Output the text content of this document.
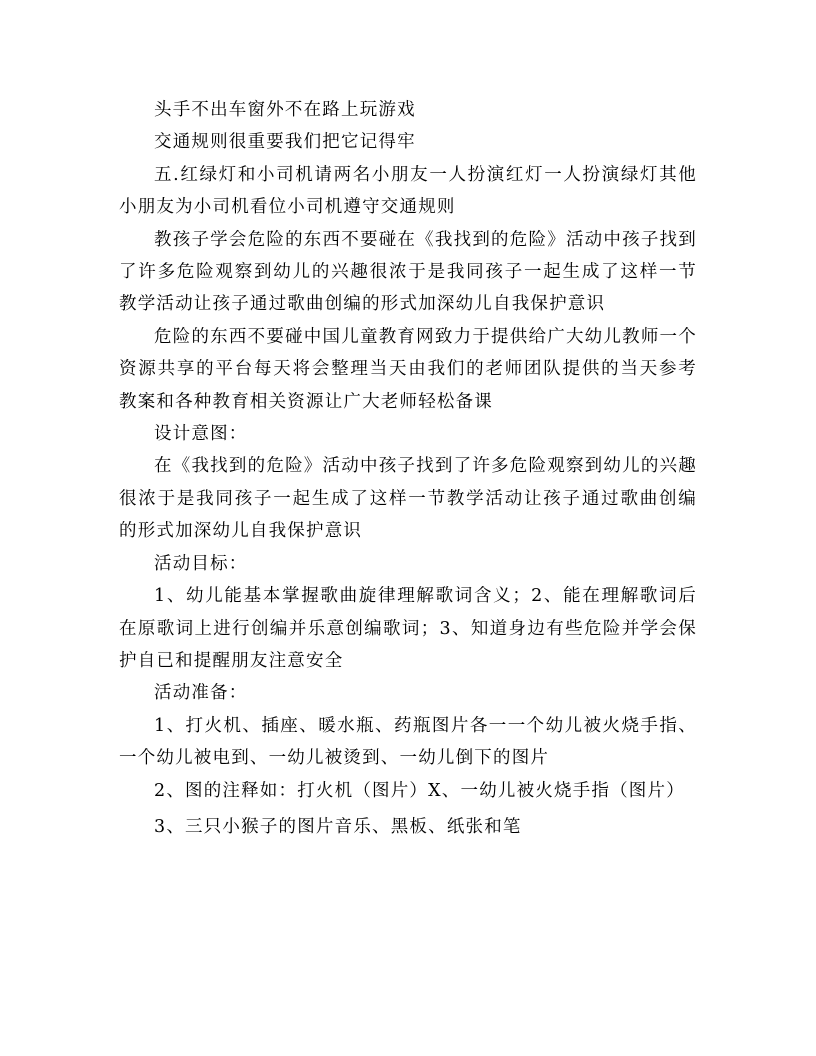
头手不出车窗外不在路上玩游戏

交通规则很重要我们把它记得牢

五.红绿灯和小司机请两名小朋友一人扮演红灯一人扮演绿灯其他小朋友为小司机看位小司机遵守交通规则

教孩子学会危险的东西不要碰在《我找到的危险》活动中孩子找到了许多危险观察到幼儿的兴趣很浓于是我同孩子一起生成了这样一节教学活动让孩子通过歌曲创编的形式加深幼儿自我保护意识

危险的东西不要碰中国儿童教育网致力于提供给广大幼儿教师一个资源共享的平台每天将会整理当天由我们的老师团队提供的当天参考教案和各种教育相关资源让广大老师轻松备课

设计意图：

在《我找到的危险》活动中孩子找到了许多危险观察到幼儿的兴趣很浓于是我同孩子一起生成了这样一节教学活动让孩子通过歌曲创编的形式加深幼儿自我保护意识

活动目标：

1、幼儿能基本掌握歌曲旋律理解歌词含义；2、能在理解歌词后在原歌词上进行创编并乐意创编歌词；3、知道身边有些危险并学会保护自已和提醒朋友注意安全

活动准备：

1、打火机、插座、暖水瓶、药瓶图片各一一个幼儿被火烧手指、一个幼儿被电到、一幼儿被烫到、一幼儿倒下的图片

2、图的注释如：打火机（图片）X、一幼儿被火烧手指（图片）

3、三只小猴子的图片音乐、黑板、纸张和笔
